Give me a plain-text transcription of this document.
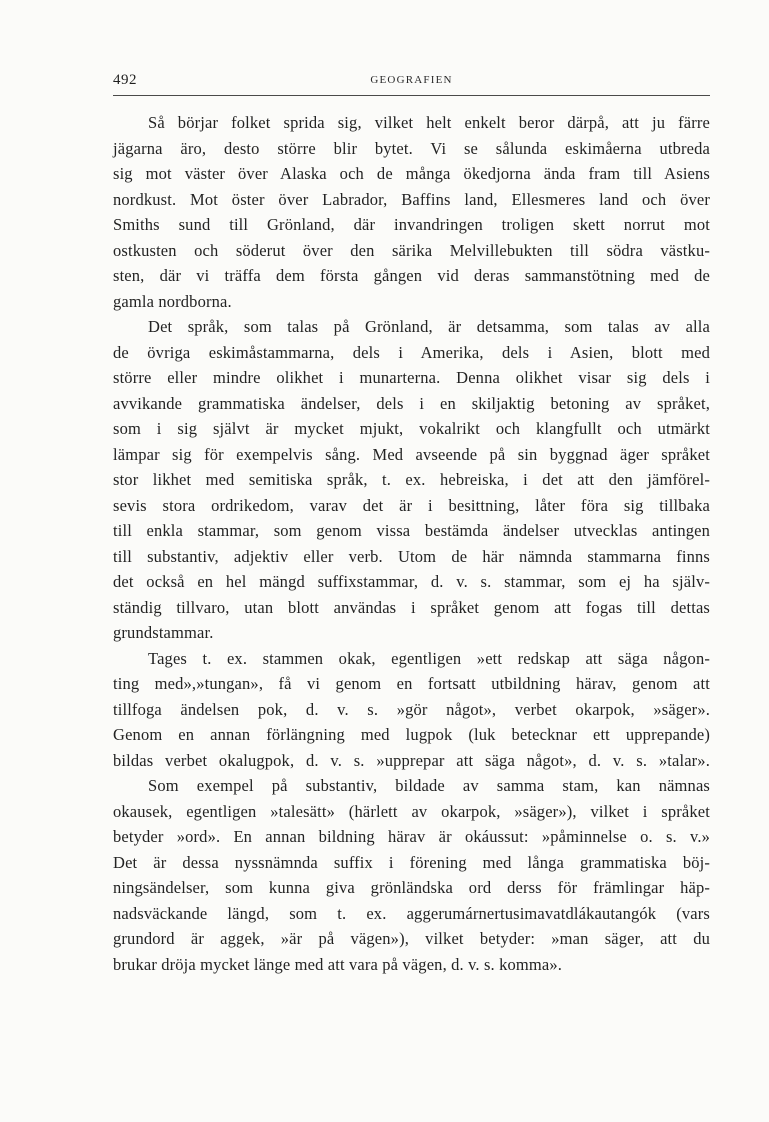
492	GEOGRAFIEN
Så börjar folket sprida sig, vilket helt enkelt beror därpå, att ju färre
jägarna äro, desto större blir bytet. Vi se sålunda eskimåerna utbreda
sig mot väster över Alaska och de många ökedjorna ända fram till Asiens
nordkust. Mot öster över Labrador, Baffins land, Ellesmeres land och över
Smiths sund till Grönland, där invandringen troligen skett norrut mot
ostkusten och söderut över den särika Melvillebukten till södra västku-
sten, där vi träffa dem första gången vid deras sammanstötning med de
gamla nordborna.
Det språk, som talas på Grönland, är detsamma, som talas av alla
de övriga eskimåstammarna, dels i Amerika, dels i Asien, blott med
större eller mindre olikhet i munarterna. Denna olikhet visar sig dels i
avvikande grammatiska ändelser, dels i en skiljaktig betoning av språket,
som i sig självt är mycket mjukt, vokalrikt och klangfullt och utmärkt
lämpar sig för exempelvis sång. Med avseende på sin byggnad äger språket
stor likhet med semitiska språk, t. ex. hebreiska, i det att den jämförel-
sevis stora ordrikedom, varav det är i besittning, låter föra sig tillbaka
till enkla stammar, som genom vissa bestämda ändelser utvecklas antingen
till substantiv, adjektiv eller verb. Utom de här nämnda stammarna finns
det också en hel mängd suffixstammar, d. v. s. stammar, som ej ha själv-
ständig tillvaro, utan blott användas i språket genom att fogas till dettas
grundstammar.
Tages t. ex. stammen okak, egentligen »ett redskap att säga någon-
ting med»,»tungan», få vi genom en fortsatt utbildning härav, genom att
tillfoga ändelsen pok, d. v. s. »gör något», verbet okarpok, »säger».
Genom en annan förlängning med lugpok (luk betecknar ett upprepande)
bildas verbet okalugpok, d. v. s. »upprepar att säga något», d. v. s. »talar».
Som exempel på substantiv, bildade av samma stam, kan nämnas
okausek, egentligen »talesätt» (härlett av okarpok, »säger»), vilket i språket
betyder »ord». En annan bildning härav är okáussut: »påminnelse o. s. v.»
Det är dessa nyssnämnda suffix i förening med långa grammatiska böj-
ningsändelser, som kunna giva grönländska ord derss för främlingar häp-
nadsväckande längd, som t. ex. aggerumárnertusimavatdlákautangók (vars
grundord är aggek, »är på vägen»), vilket betyder: »man säger, att du
brukar dröja mycket länge med att vara på vägen, d. v. s. komma».
